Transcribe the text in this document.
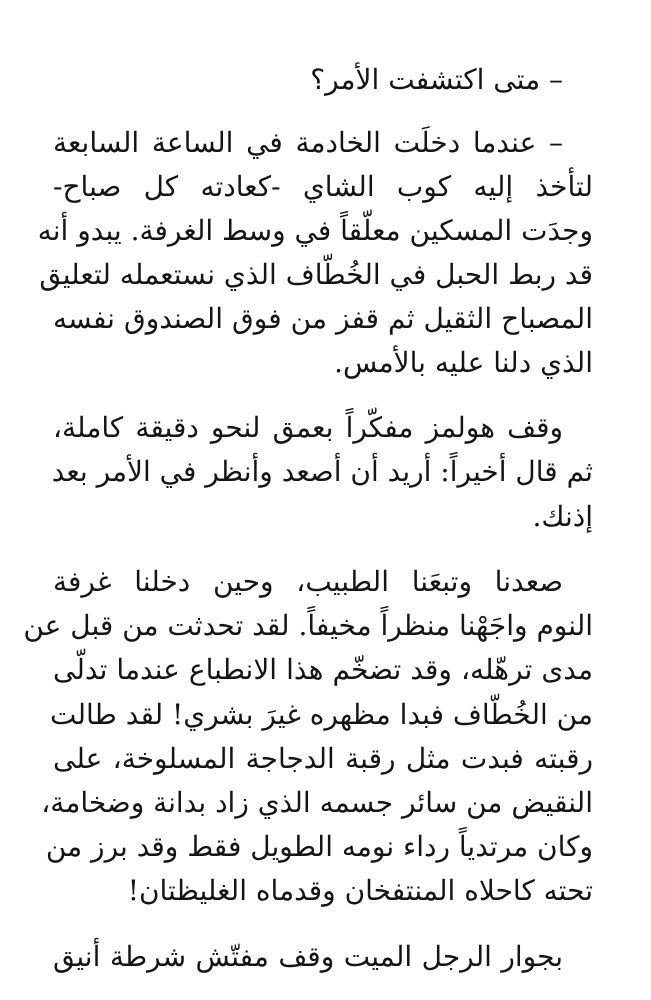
– متى اكتشفت الأمر؟
– عندما دخلَت الخادمة في الساعة السابعة
لتأخذ إليه كوب الشاي -كعادته كل صباح-
وجدَت المسكين معلّقاً في وسط الغرفة. يبدو أنه
قد ربط الحبل في الخُطّاف الذي نستعمله لتعليق
المصباح الثقيل ثم قفز من فوق الصندوق نفسه
الذي دلنا عليه بالأمس.
وقف هولمز مفكّراً بعمق لنحو دقيقة كاملة،
ثم قال أخيراً: أريد أن أصعد وأنظر في الأمر بعد
إذنك.
صعدنا وتبعَنا الطبيب، وحين دخلنا غرفة
النوم واجَهْنا منظراً مخيفاً. لقد تحدثت من قبل عن
مدى ترهّله، وقد تضخّم هذا الانطباع عندما تدلّى
من الخُطّاف فبدا مظهره غيرَ بشري! لقد طالت
رقبته فبدت مثل رقبة الدجاجة المسلوخة، على
النقيض من سائر جسمه الذي زاد بدانة وضخامة،
وكان مرتدياً رداء نومه الطويل فقط وقد برز من
تحته كاحلاه المنتفخان وقدماه الغليظتان!
بجوار الرجل الميت وقف مفتّش شرطة أنيق
